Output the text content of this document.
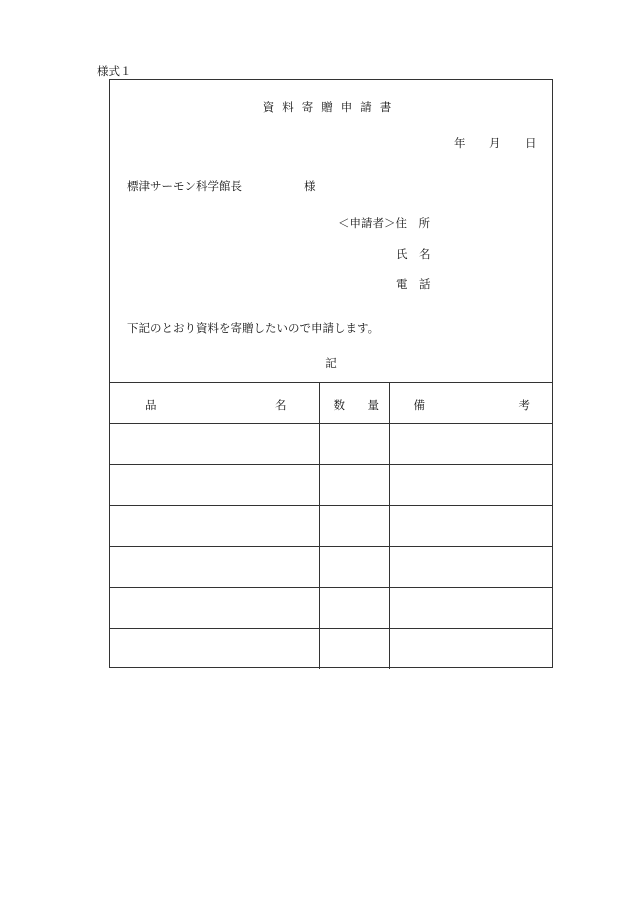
様式１
資料寄贈申請書
年 月 日
標津サーモン科学館長	様
＜申請者＞住　所
氏　名
電　話
下記のとおり資料を寄贈したいので申請します。
記
品 名	数 量	備 考
